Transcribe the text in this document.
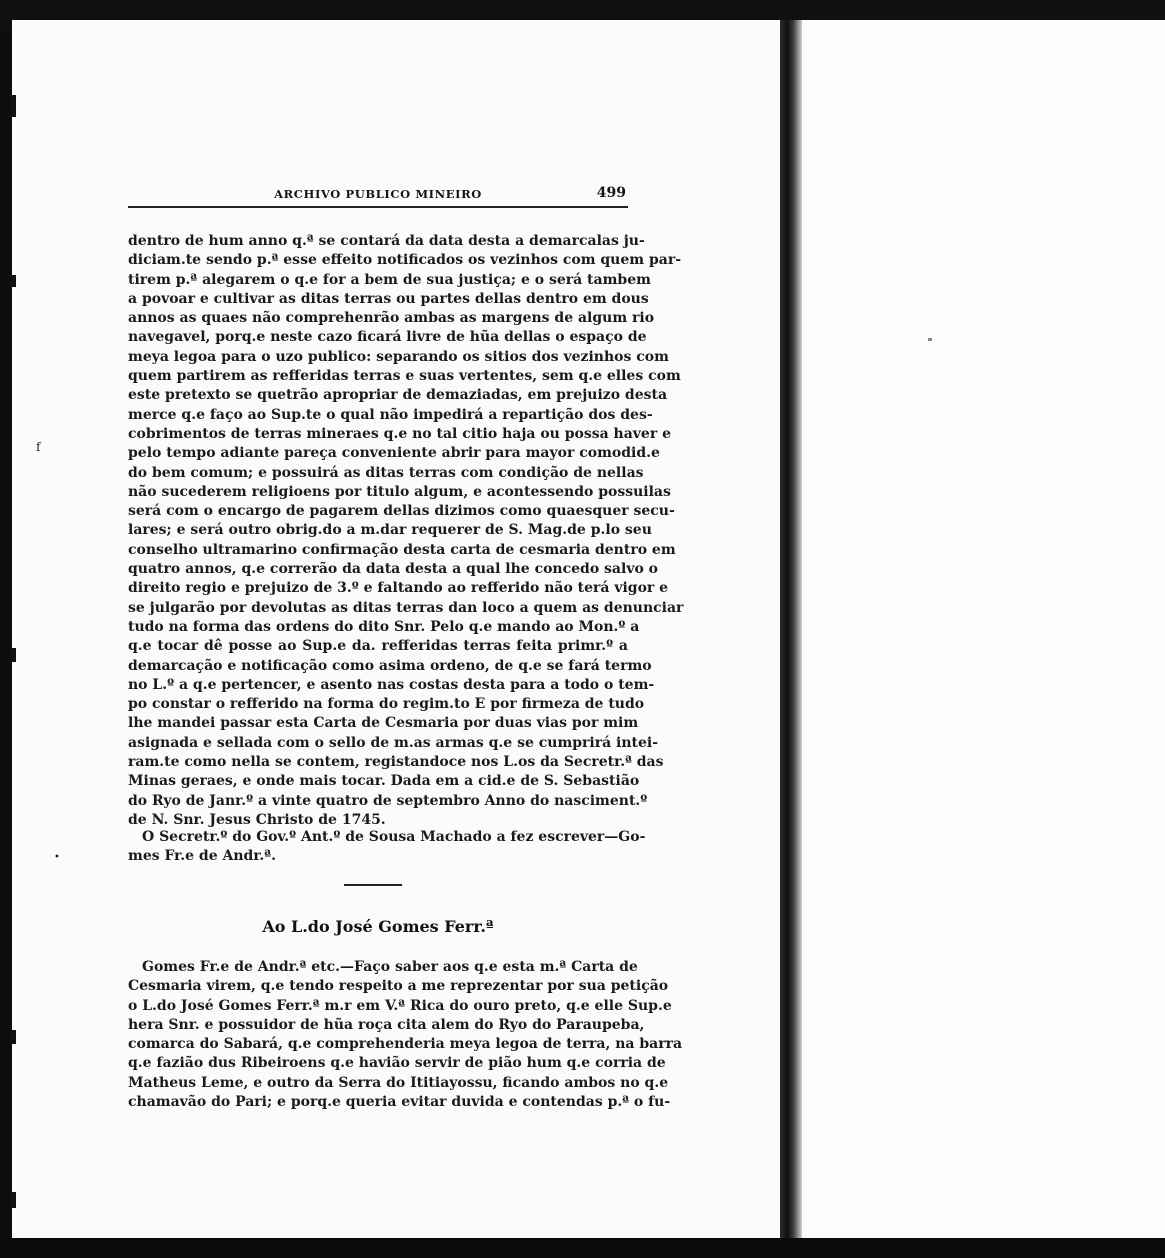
f
•
ARCHIVO PUBLICO MINEIRO	499
dentro de hum anno q.ª se contará da data desta a demarcalas ju-
diciam.te sendo p.ª esse effeito notificados os vezinhos com quem par-
tirem p.ª alegarem o q.e for a bem de sua justiça; e o será tambem
a povoar e cultivar as ditas terras ou partes dellas dentro em dous
annos as quaes não comprehenrão ambas as margens de algum rio
navegavel, porq.e neste cazo ficará livre de hũa dellas o espaço de
meya legoa para o uzo publico: separando os sitios dos vezinhos com
quem partirem as refferidas terras e suas vertentes, sem q.e elles com
este pretexto se quetrão apropriar de demaziadas, em prejuizo desta
merce q.e faço ao Sup.te o qual não impedirá a repartição dos des-
cobrimentos de terras mineraes q.e no tal citio haja ou possa haver e
pelo tempo adiante pareça conveniente abrir para mayor comodid.e
do bem comum; e possuirá as ditas terras com condição de nellas
não sucederem religioens por titulo algum, e acontessendo possuilas
será com o encargo de pagarem dellas dizimos como quaesquer secu-
lares; e será outro obrig.do a m.dar requerer de S. Mag.de p.lo seu
conselho ultramarino confirmação desta carta de cesmaria dentro em
quatro annos, q.e correrão da data desta a qual lhe concedo salvo o
direito regio e prejuizo de 3.º e faltando ao refferido não terá vigor e
se julgarão por devolutas as ditas terras dan loco a quem as denunciar
tudo na forma das ordens do dito Snr. Pelo q.e mando ao Mon.º a
q.e tocar dê posse ao Sup.e da. refferidas terras feita primr.º a
demarcação e notificação como asima ordeno, de q.e se fará termo
no L.º a q.e pertencer, e asento nas costas desta para a todo o tem-
po constar o refferido na forma do regim.to E por firmeza de tudo
lhe mandei passar esta Carta de Cesmaria por duas vias por mim
asignada e sellada com o sello de m.as armas q.e se cumprirá intei-
ram.te como nella se contem, registandoce nos L.os da Secretr.ª das
Minas geraes, e onde mais tocar. Dada em a cid.e de S. Sebastião
do Ryo de Janr.º a vinte quatro de septembro Anno do nasciment.º
de N. Snr. Jesus Christo de 1745.
O Secretr.º do Gov.º Ant.º de Sousa Machado a fez escrever—Go-
mes Fr.e de Andr.ª.
Ao L.do José Gomes Ferr.ª
Gomes Fr.e de Andr.ª etc.—Faço saber aos q.e esta m.ª Carta de
Cesmaria virem, q.e tendo respeito a me reprezentar por sua petição
o L.do José Gomes Ferr.ª m.r em V.ª Rica do ouro preto, q.e elle Sup.e
hera Snr. e possuidor de hũa roça cita alem do Ryo do Paraupeba,
comarca do Sabará, q.e comprehenderia meya legoa de terra, na barra
q.e fazião dus Ribeiroens q.e havião servir de pião hum q.e corria de
Matheus Leme, e outro da Serra do Ititiayossu, ficando ambos no q.e
chamavão do Pari; e porq.e queria evitar duvida e contendas p.ª o fu-
